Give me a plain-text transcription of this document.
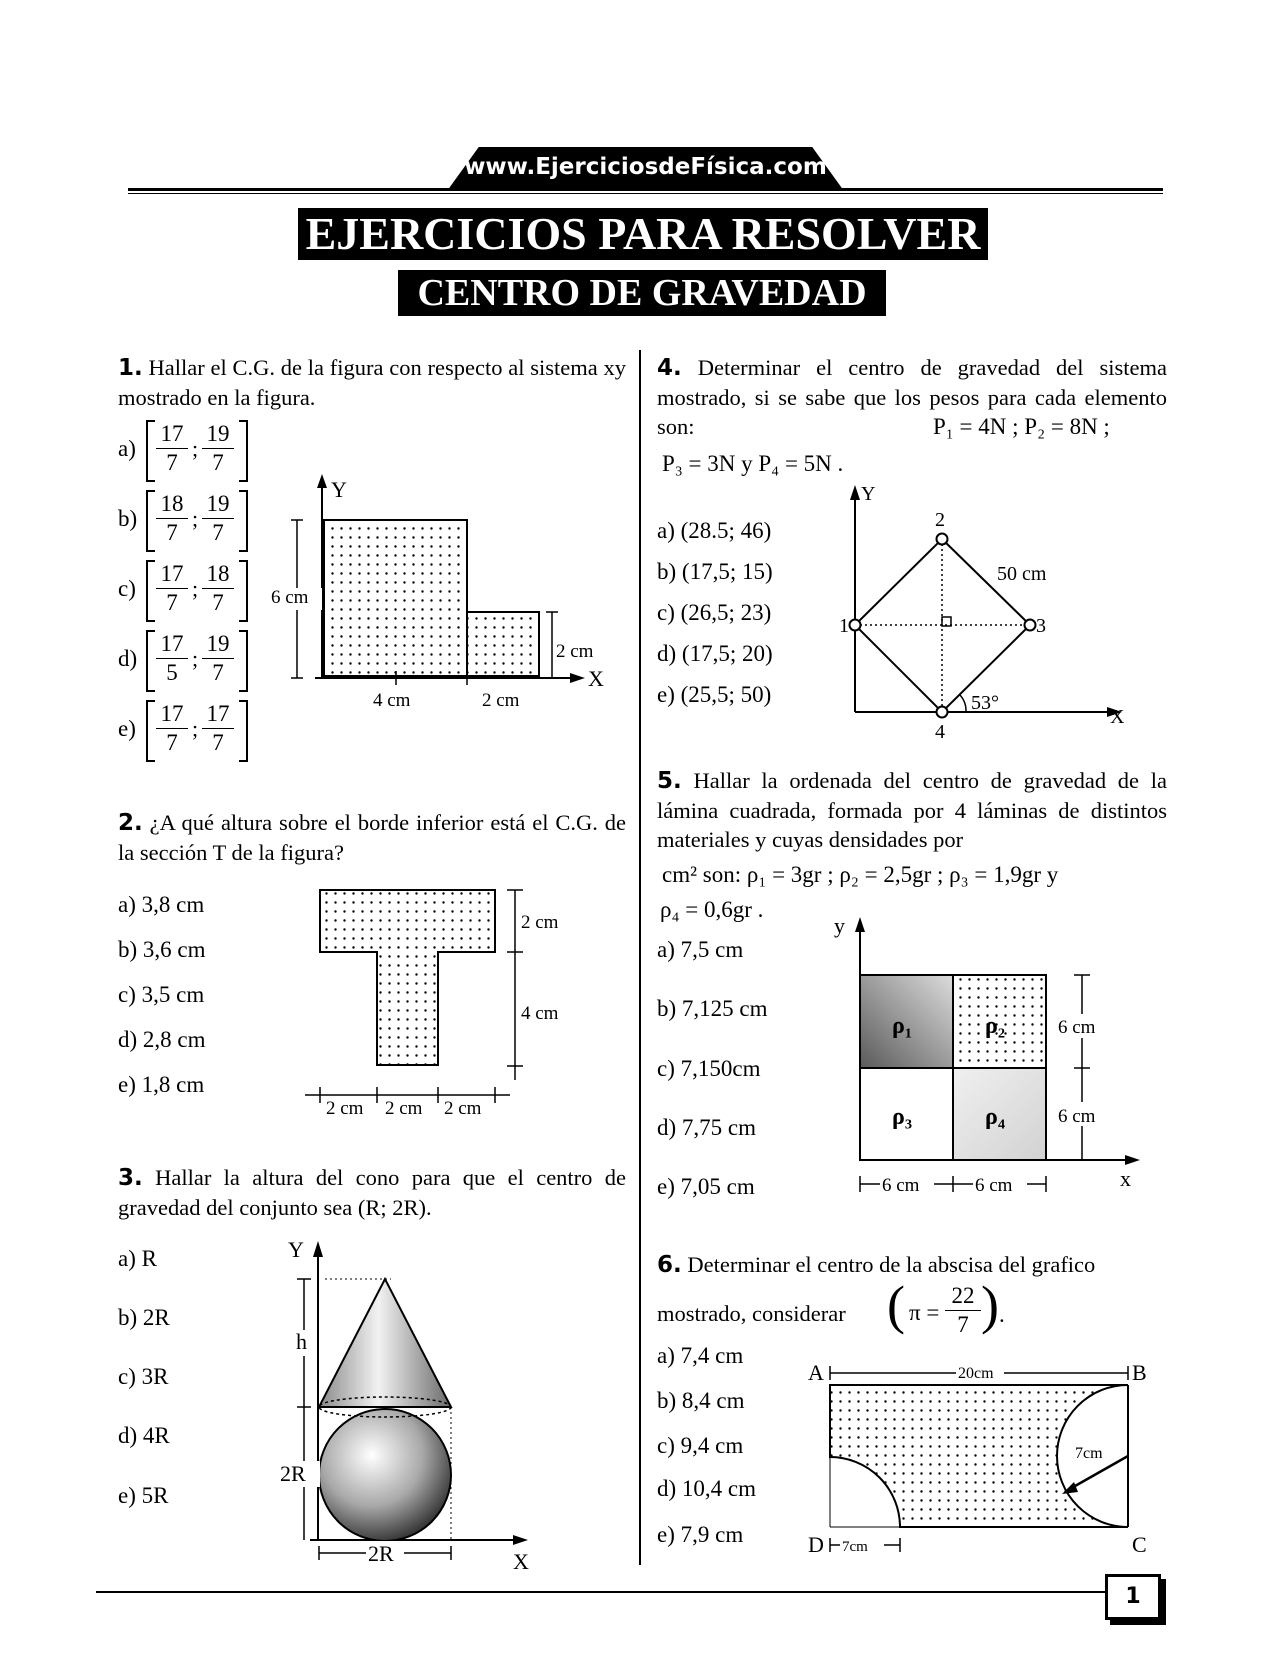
www.EjerciciosdeFísica.com
EJERCICIOS PARA RESOLVER
CENTRO DE GRAVEDAD
1. Hallar el C.G. de la figura con respecto al sistema xy mostrado en la figura.
$a) \frac{17}{7}$ ; $\frac{19}{7}$
$b) \frac{18}{7}$ ; $\frac{19}{7}$
$c) \frac{17}{7}$ ; $\frac{18}{7}$
$d) \frac{17}{5}$ ; $\frac{19}{7}$
$e) \frac{17}{7}$ ; $\frac{17}{7}$
Y
X
6 cm
2 cm
4 cm	2 cm
2. ¿A qué altura sobre el borde inferior está el C.G. de la sección T de la figura?
a) 3,8 cm
b) 3,6 cm
c) 3,5 cm
d) 2,8 cm
e) 1,8 cm
2 cm
4 cm
2 cm 2 cm 2 cm
3. Hallar la altura del cono para que el centro de gravedad del conjunto sea (R; 2R).
a) R
b) 2R
c) 3R
d) 4R
e) 5R
Y
X
h
2R
2R
4. Determinar el centro de gravedad del sistema mostrado, si se sabe que los pesos para cada elemento son:	P₁ = 4N ; P₂ = 8N ;
P₃ = 3N y P₄ = 5N .
a) (28.5; 46)
b) (17,5; 15)
c) (26,5; 23)
d) (17,5; 20)
e) (25,5; 50)
Y
X
2
3
4
1
50 cm
53°
5. Hallar la ordenada del centro de gravedad de la lámina cuadrada, formada por 4 láminas de distintos materiales y cuyas densidades por
cm² son: ρ₁ = 3gr ; ρ₂ = 2,5gr ; ρ₃ = 1,9gr y
ρ₄ = 0,6gr .
a) 7,5 cm
b) 7,125 cm
c) 7,150cm
d) 7,75 cm
e) 7,05 cm
y
x
ρ₁	ρ₂
ρ₃	ρ₄
6 cm
6 cm
6 cm	6 cm
6. Determinar el centro de la abscisa del grafico
mostrado, considerar ( $\pi = \frac{22}{7}$ ) .
a) 7,4 cm
b) 8,4 cm
c) 9,4 cm
d) 10,4 cm
e) 7,9 cm
20cm
A	B
C
D
7cm
7cm
1
